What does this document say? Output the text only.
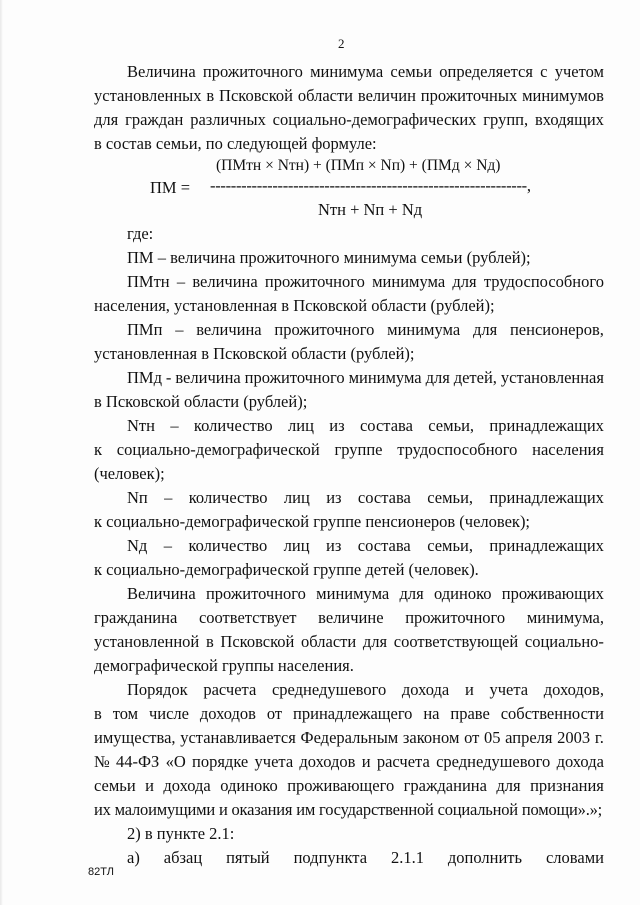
2
Величина прожиточного минимума семьи определяется с учетом
установленных в Псковской области величин прожиточных минимумов
для граждан различных социально-демографических групп, входящих
в состав семьи, по следующей формуле:
(ПМтн × Nтн) + (ПМп × Nп) + (ПМд × Nд)
ПМ = -------------------------------------------------------------,
Nтн + Nп + Nд
где:
ПМ – величина прожиточного минимума семьи (рублей);
ПМтн – величина прожиточного минимума для трудоспособного
населения, установленная в Псковской области (рублей);
ПМп – величина прожиточного минимума для пенсионеров,
установленная в Псковской области (рублей);
ПМд - величина прожиточного минимума для детей, установленная
в Псковской области (рублей);
Nтн – количество лиц из состава семьи, принадлежащих
к социально-демографической группе трудоспособного населения
(человек);
Nп – количество лиц из состава семьи, принадлежащих
к социально-демографической группе пенсионеров (человек);
Nд – количество лиц из состава семьи, принадлежащих
к социально-демографической группе детей (человек).
Величина прожиточного минимума для одиноко проживающих
гражданина соответствует величине прожиточного минимума,
установленной в Псковской области для соответствующей социально-
демографической группы населения.
Порядок расчета среднедушевого дохода и учета доходов,
в том числе доходов от принадлежащего на праве собственности
имущества, устанавливается Федеральным законом от 05 апреля 2003 г.
№ 44-ФЗ «О порядке учета доходов и расчета среднедушевого дохода
семьи и дохода одиноко проживающего гражданина для признания
их малоимущими и оказания им государственной социальной помощи».»;
2) в пункте 2.1:
а) абзац пятый подпункта 2.1.1 дополнить словами
82ТЛ
